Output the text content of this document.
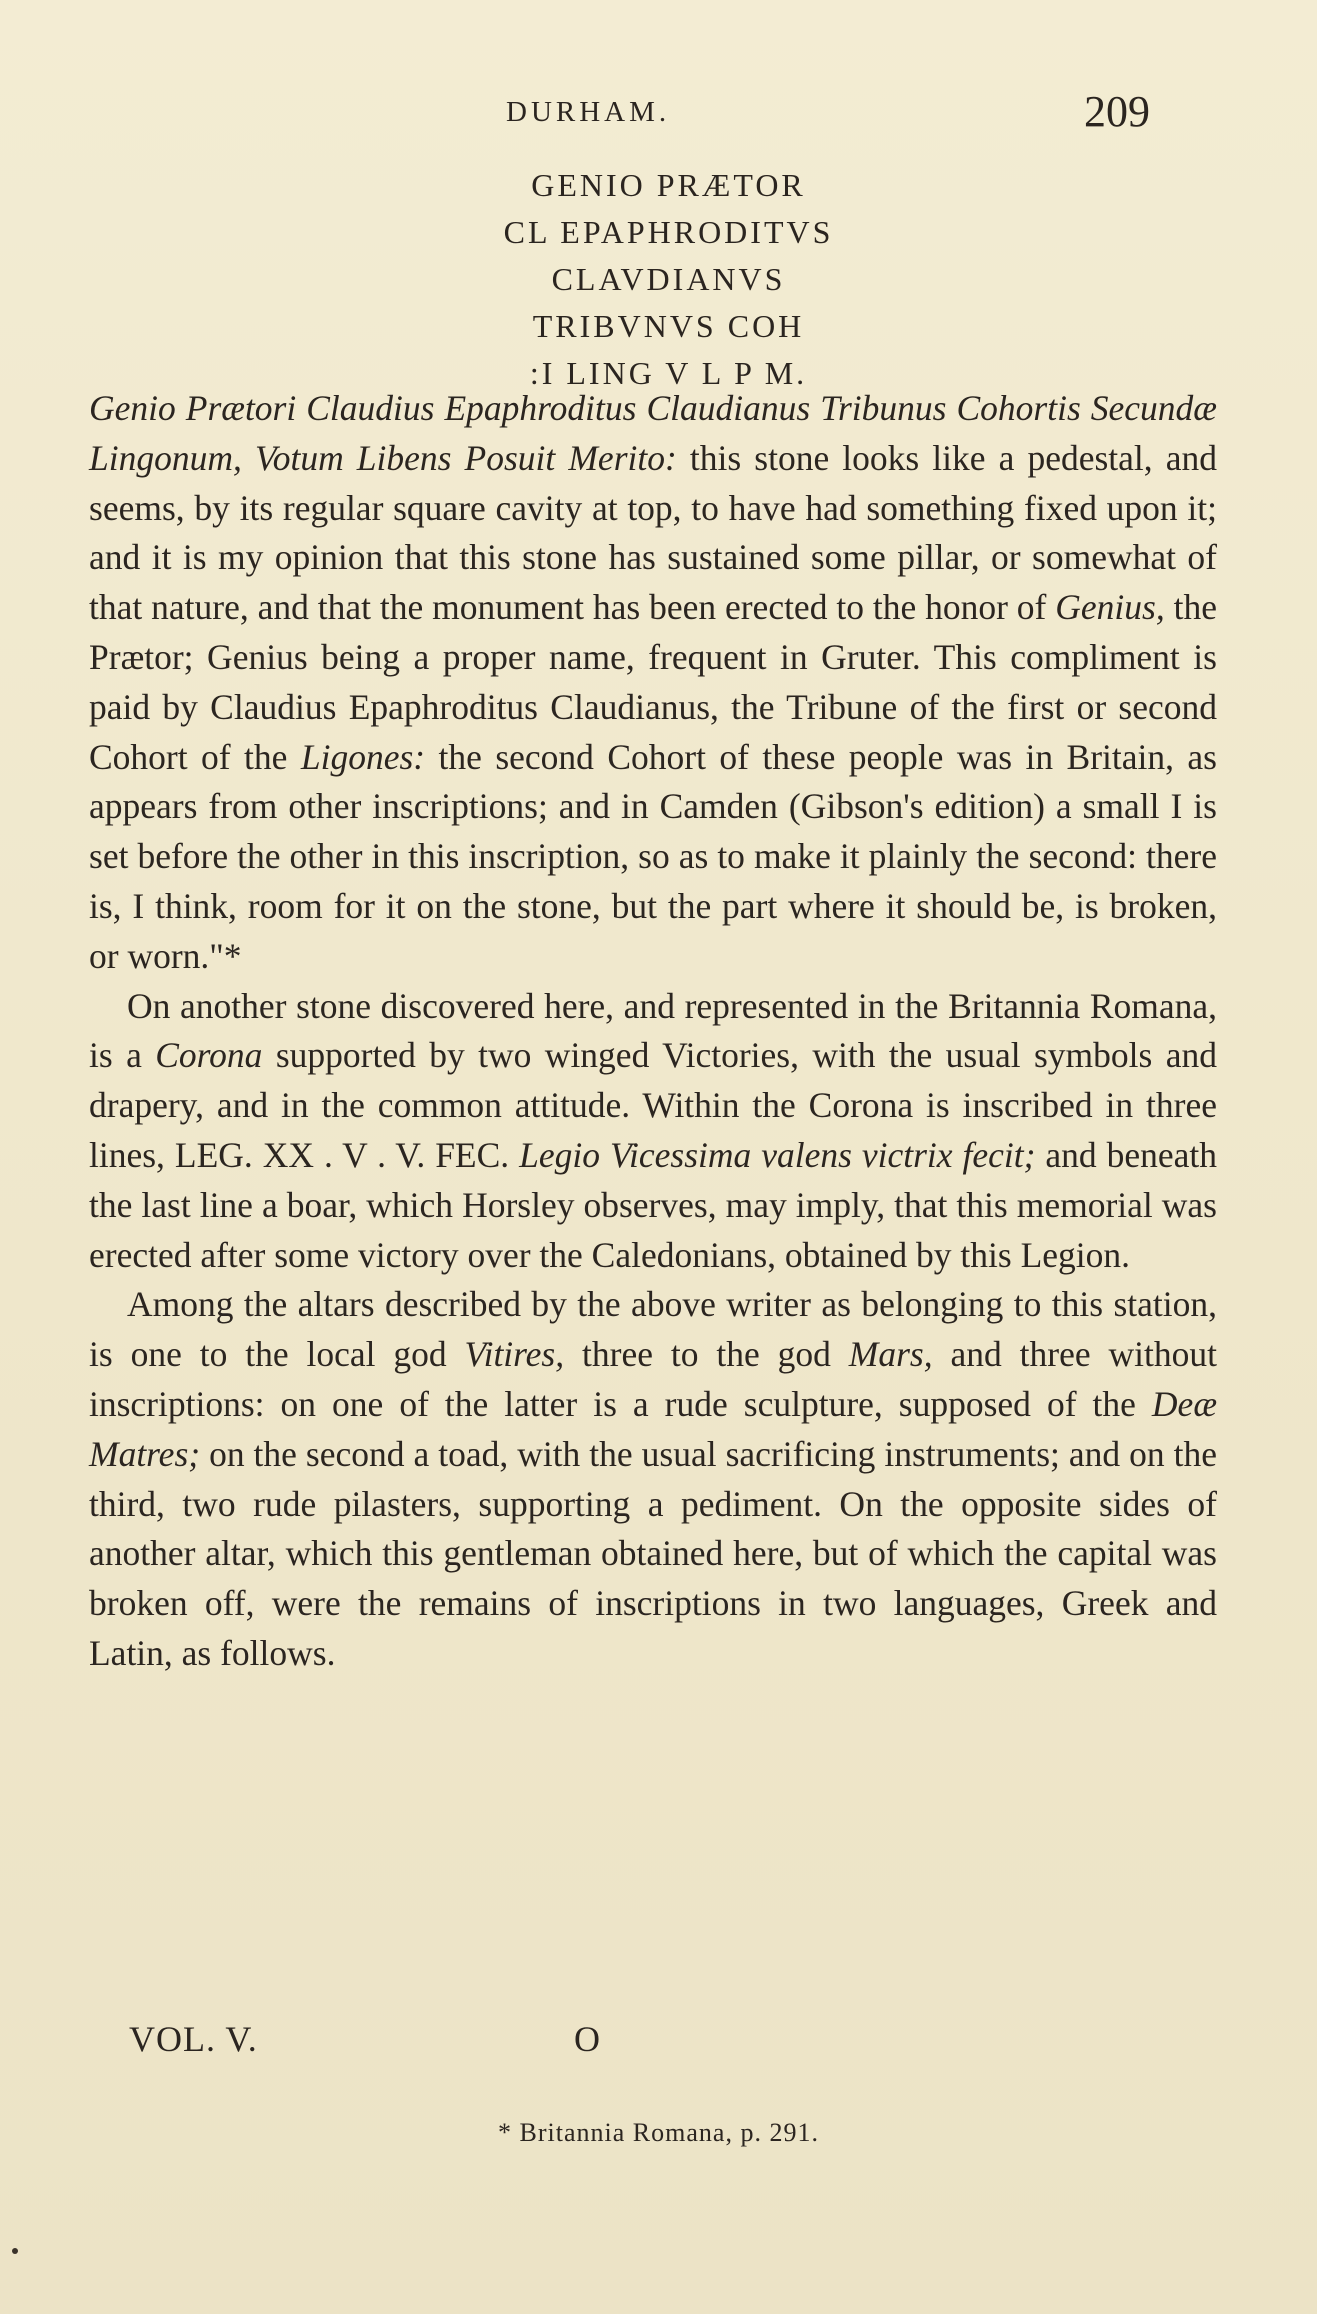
DURHAM.	209
GENIO PRÆTOR
CL EPAPHRODITVS
CLAVDIANVS
TRIBVNVS COH
:I LING V L P M.

Genio Prætori Claudius Epaphroditus Claudianus Tribunus Cohortis Secundæ Lingonum, Votum Libens Posuit Merito: this stone looks like a pedestal, and seems, by its regular square cavity at top, to have had something fixed upon it; and it is my opinion that this stone has sustained some pillar, or somewhat of that nature, and that the monument has been erected to the honor of Genius, the Prætor; Genius being a proper name, frequent in Gruter. This compliment is paid by Claudius Epaphroditus Claudianus, the Tribune of the first or second Cohort of the Ligones: the second Cohort of these people was in Britain, as appears from other inscriptions; and in Camden (Gibson's edition) a small I is set before the other in this inscription, so as to make it plainly the second: there is, I think, room for it on the stone, but the part where it should be, is broken, or worn."*

On another stone discovered here, and represented in the Britannia Romana, is a Corona supported by two winged Victories, with the usual symbols and drapery, and in the common attitude. Within the Corona is inscribed in three lines, LEG. XX . V . V. FEC. Legio Vicessima valens victrix fecit; and beneath the last line a boar, which Horsley observes, may imply, that this memorial was erected after some victory over the Caledonians, obtained by this Legion.

Among the altars described by the above writer as belonging to this station, is one to the local god Vitires, three to the god Mars, and three without inscriptions: on one of the latter is a rude sculpture, supposed of the Deæ Matres; on the second a toad, with the usual sacrificing instruments; and on the third, two rude pilasters, supporting a pediment. On the opposite sides of another altar, which this gentleman obtained here, but of which the capital was broken off, were the remains of inscriptions in two languages, Greek and Latin, as follows.

VOL. V.	O
* Britannia Romana, p. 291.
